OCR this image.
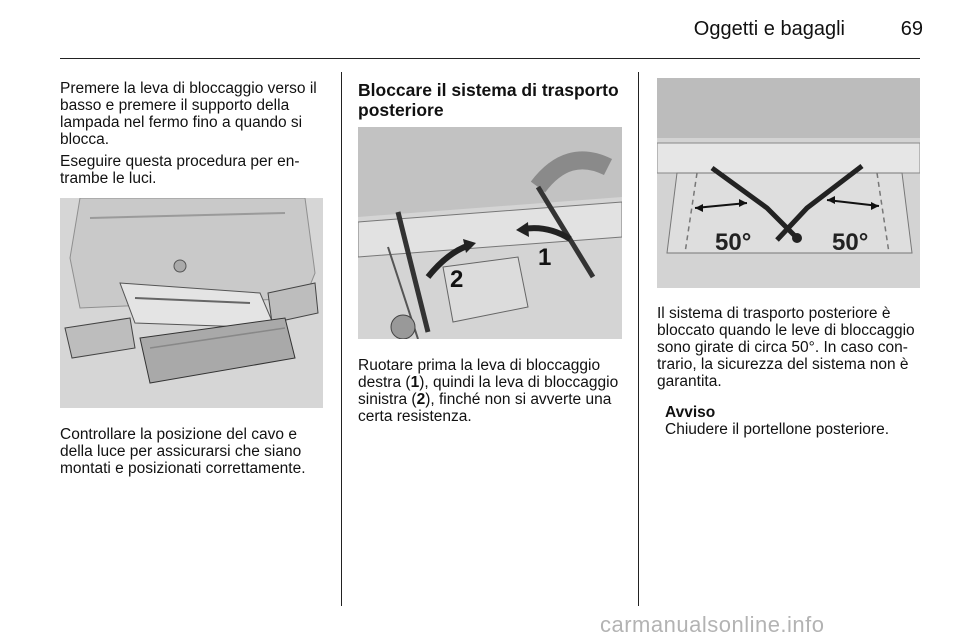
Oggetti e bagagli	69

Premere la leva di bloccaggio verso il basso e premere il supporto della lampada nel fermo fino a quando si blocca.

Eseguire questa procedura per en-trambe le luci.

Controllare la posizione del cavo e della luce per assicurarsi che siano montati e posizionati correttamente.

Bloccare il sistema di trasporto posteriore
2
1

Ruotare prima la leva di bloccaggio destra (1), quindi la leva di bloccaggio sinistra (2), finché non si avverte una certa resistenza.

50°	50°

Il sistema di trasporto posteriore è bloccato quando le leve di bloccaggio sono girate di circa 50°. In caso con-trario, la sicurezza del sistema non è garantita.

Avviso
Chiudere il portellone posteriore.
carmanualsonline.info
